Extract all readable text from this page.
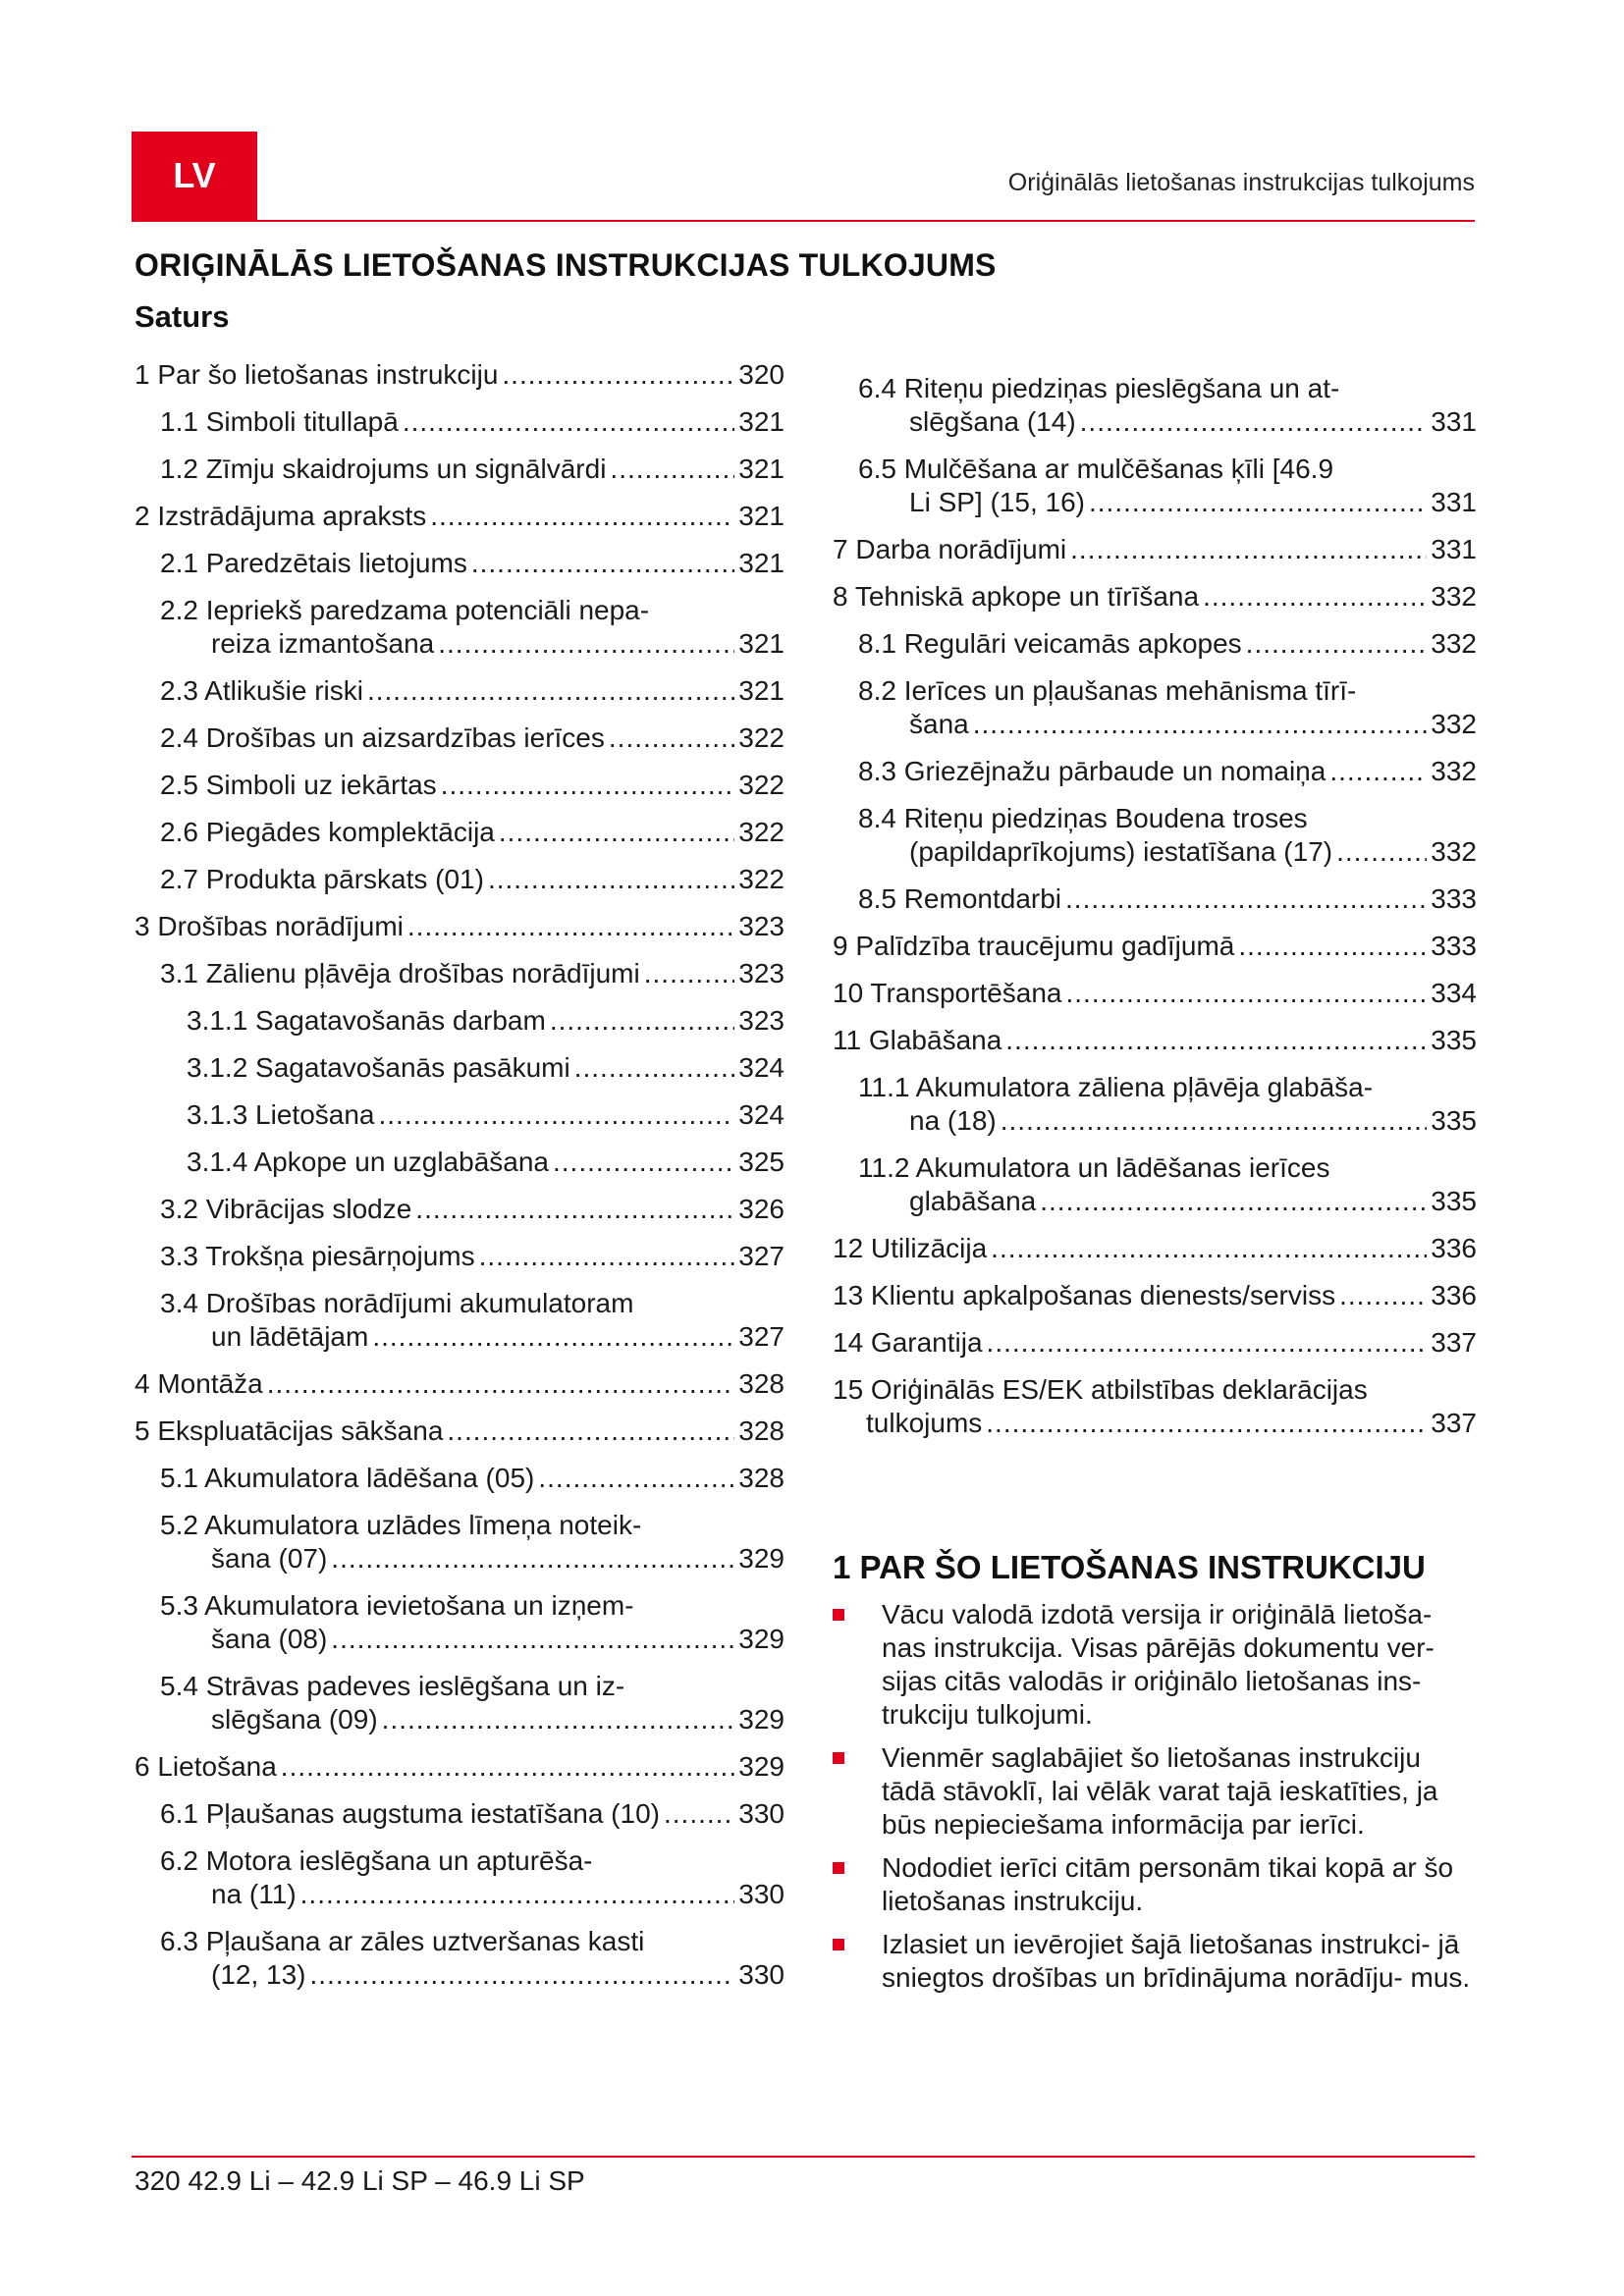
LV	Oriģinālās lietošanas instrukcijas tulkojums
ORIĢINĀLĀS LIETOŠANAS INSTRUKCIJAS TULKOJUMS
Saturs
1 Par šo lietošanas instrukciju .....	320
1.1 Simboli titullapā .....	321
1.2 Zīmju skaidrojums un signālvārdi .....	321
2 Izstrādājuma apraksts .....	321
2.1 Paredzētais lietojums .....	321
2.2 Iepriekš paredzama potenciāli nepa-
reiza izmantošana .....	321
2.3 Atlikušie riski .....	321
2.4 Drošības un aizsardzības ierīces .....	322
2.5 Simboli uz iekārtas .....	322
2.6 Piegādes komplektācija .....	322
2.7 Produkta pārskats (01) .....	322
3 Drošības norādījumi .....	323
3.1 Zālienu pļāvēja drošības norādījumi .....	323
3.1.1 Sagatavošanās darbam .....	323
3.1.2 Sagatavošanās pasākumi .....	324
3.1.3 Lietošana .....	324
3.1.4 Apkope un uzglabāšana .....	325
3.2 Vibrācijas slodze .....	326
3.3 Trokšņa piesārņojums .....	327
3.4 Drošības norādījumi akumulatoram
un lādētājam .....	327
4 Montāža .....	328
5 Ekspluatācijas sākšana .....	328
5.1 Akumulatora lādēšana (05) .....	328
5.2 Akumulatora uzlādes līmeņa noteik-
šana (07) .....	329
5.3 Akumulatora ievietošana un izņem-
šana (08) .....	329
5.4 Strāvas padeves ieslēgšana un iz-
slēgšana (09) .....	329
6 Lietošana .....	329
6.1 Pļaušanas augstuma iestatīšana (10) .....	330
6.2 Motora ieslēgšana un apturēša-
na (11) .....	330
6.3 Pļaušana ar zāles uztveršanas kasti
(12, 13) .....	330
6.4 Riteņu piedziņas pieslēgšana un at-
slēgšana (14) .....	331
6.5 Mulčēšana ar mulčēšanas ķīli [46.9
Li SP] (15, 16) .....	331
7 Darba norādījumi .....	331
8 Tehniskā apkope un tīrīšana .....	332
8.1 Regulāri veicamās apkopes .....	332
8.2 Ierīces un pļaušanas mehānisma tīrī-
šana .....	332
8.3 Griezējnažu pārbaude un nomaiņa .....	332
8.4 Riteņu piedziņas Boudena troses
(papildaprīkojums) iestatīšana (17) .....	332
8.5 Remontdarbi .....	333
9 Palīdzība traucējumu gadījumā .....	333
10 Transportēšana .....	334
11 Glabāšana .....	335
11.1 Akumulatora zāliena pļāvēja glabāša-
na (18) .....	335
11.2 Akumulatora un lādēšanas ierīces
glabāšana .....	335
12 Utilizācija .....	336
13 Klientu apkalpošanas dienests/serviss .....	336
14 Garantija .....	337
15 Oriģinālās ES/EK atbilstības deklarācijas
tulkojums .....	337
1 PAR ŠO LIETOŠANAS INSTRUKCIJU
Vācu valodā izdotā versija ir oriģinālā lietoša- nas instrukcija. Visas pārējās dokumentu ver- sijas citās valodās ir oriģinālo lietošanas ins- trukciju tulkojumi.
Vienmēr saglabājiet šo lietošanas instrukciju tādā stāvoklī, lai vēlāk varat tajā ieskatīties, ja būs nepieciešama informācija par ierīci.
Nododiet ierīci citām personām tikai kopā ar šo lietošanas instrukciju.
Izlasiet un ievērojiet šajā lietošanas instrukci- jā sniegtos drošības un brīdinājuma norādīju- mus.
320 42.9 Li – 42.9 Li SP – 46.9 Li SP
